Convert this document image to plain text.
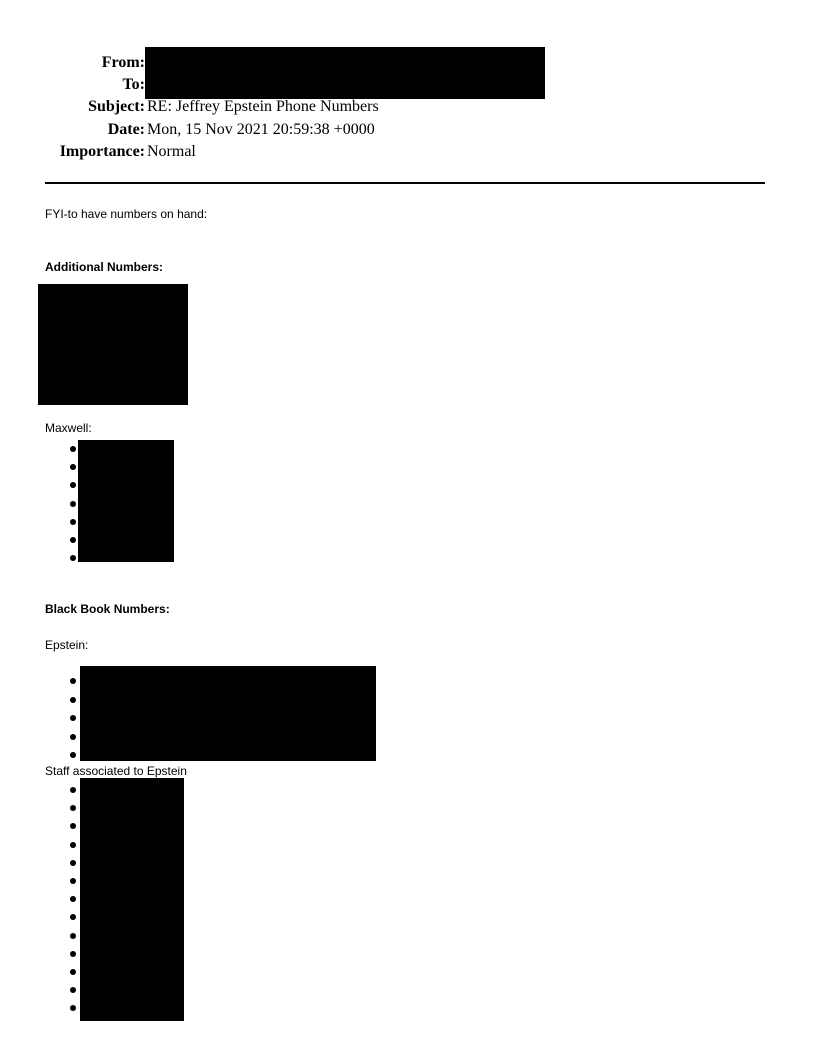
From:
To:
Subject: RE: Jeffrey Epstein Phone Numbers
Date: Mon, 15 Nov 2021 20:59:38 +0000
Importance: Normal
FYI-to have numbers on hand:
Additional Numbers:
Maxwell:
Black Book Numbers:
Epstein:
Staff associated to Epstein
